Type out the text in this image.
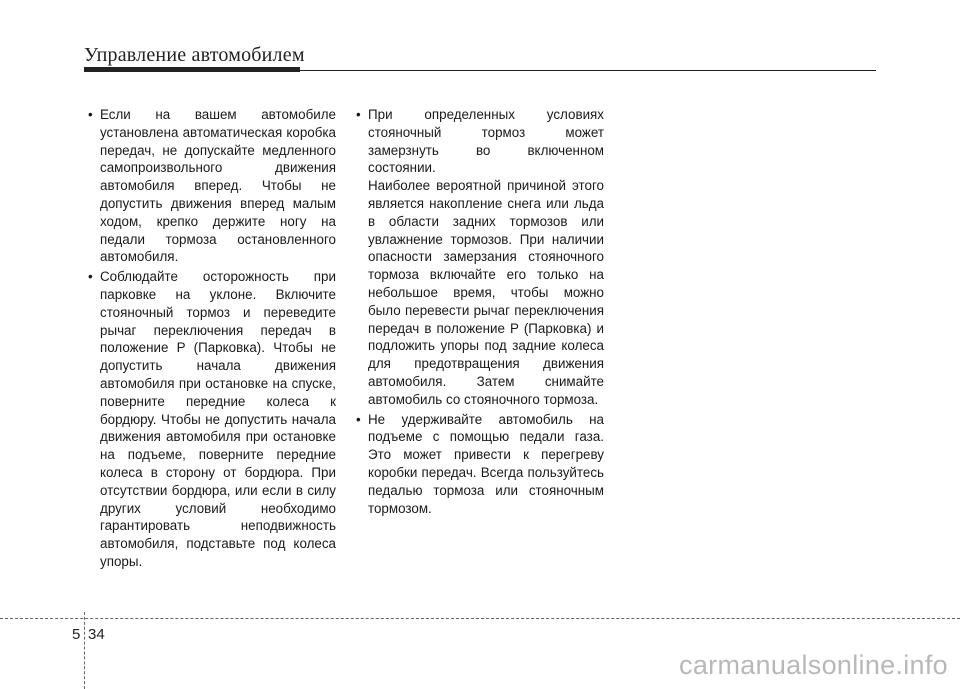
Управление автомобилем
• Если на вашем автомобиле установлена автоматическая коробка передач, не допускайте медленного самопроизвольного движения автомобиля вперед. Чтобы не допустить движения вперед малым ходом, крепко держите ногу на педали тормоза остановленного автомобиля.
• Соблюдайте осторожность при парковке на уклоне. Включите стояночный тормоз и переведите рычаг переключения передач в положение P (Парковка). Чтобы не допустить начала движения автомобиля при остановке на спуске, поверните передние колеса к бордюру. Чтобы не допустить начала движения автомобиля при остановке на подъеме, поверните передние колеса в сторону от бордюра. При отсутствии бордюра, или если в силу других условий необходимо гарантировать неподвижность автомобиля, подставьте под колеса упоры.
• При определенных условиях стояночный тормоз может замерзнуть во включенном состоянии.
Наиболее вероятной причиной этого является накопление снега или льда в области задних тормозов или увлажнение тормозов. При наличии опасности замерзания стояночного тормоза включайте его только на небольшое время, чтобы можно было перевести рычаг переключения передач в положение P (Парковка) и подложить упоры под задние колеса для предотвращения движения автомобиля. Затем снимайте автомобиль со стояночного тормоза.
• Не удерживайте автомобиль на подъеме с помощью педали газа. Это может привести к перегреву коробки передач. Всегда пользуйтесь педалью тормоза или стояночным тормозом.
5 34
carmanualsonline.info
